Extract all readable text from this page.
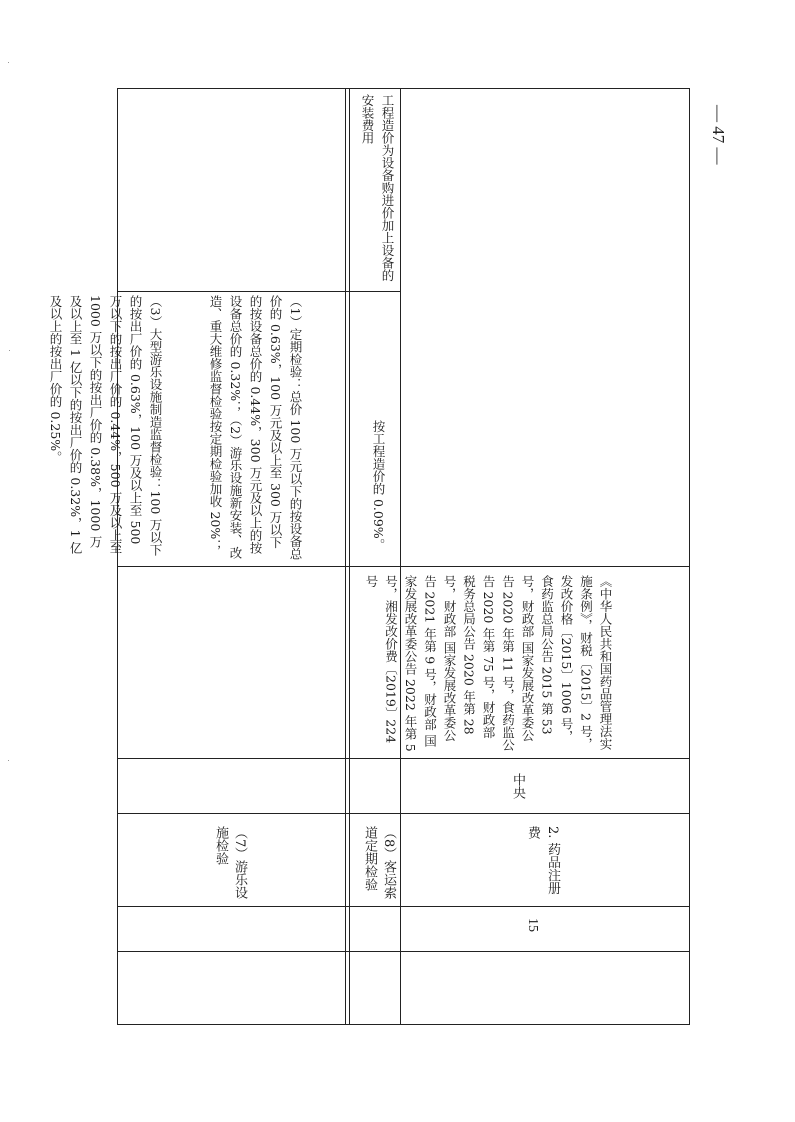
（1）定期检验：总价 100 万元以下的按设备总价的 0.63%，100 万元及以上至 300 万以下的按设备总价的 0.44%，300 万元及以上的按设备总价的 0.32%；（2）游乐设施新安装、改造、重大维修监督检验按定期检验加收 20%；

（3）大型游乐设施制造监督检验：100 万以下的按出厂价的 0.63%，100 万及以上至 500 万以下的按出厂价的 0.44%，500 万及以上至 1000 万以下的按出厂价的 0.38%，1000 万及以上至 1 亿以下的按出厂价的 0.32%，1 亿及以上的按出厂价的 0.25%。

（7）游乐设施检验
工程造价为设备购进价加上设备的安装费用
按工程造价的 0.09%。
（8）客运索道定期检验
《中华人民共和国药品管理法实施条例》，财税〔2015〕2 号，发改价格〔2015〕1006 号，食药监总局公告 2015 第 53 号，财政部 国家发展改革委公告 2020 年第 11 号，食药监公告 2020 年第 75 号，财政部 税务总局公告 2020 年第 28 号，财政部 国家发展改革委公告 2021 年第 9 号，财政部 国家发展改革委公告 2022 年第 5 号，湘发改价费〔2019〕224 号
中央
2. 药品注册费
15
— 47 —
